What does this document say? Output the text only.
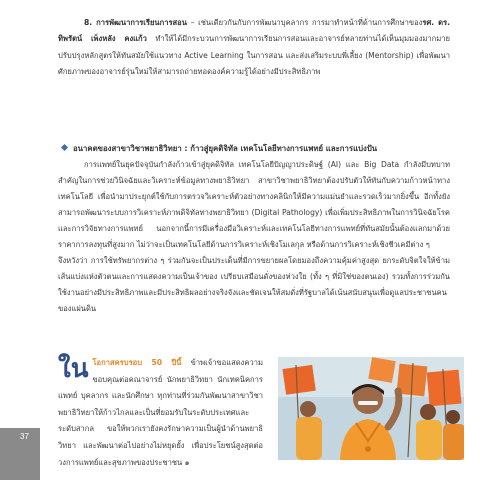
8. การพัฒนาการเรียนการสอน – เช่นเดียวกันกับการพัฒนาบุคลากร การมาทำหน้าที่ด้านการศึกษาของรศ. ดร. ทิพรัตน์ เพ็งหลัง คงแก้ว ทำให้ได้มีกระบวนการพัฒนาการเรียนการสอนและอาจารย์หลายท่านได้เห็นมุมมองมากมาย ปรับปรุงหลักสูตรให้ทันสมัยใช้แนวทาง Active Learning ในการสอน และส่งเสริมระบบพี่เลี้ยง (Mentorship) เพื่อพัฒนาศักยภาพของอาจารย์รุ่นใหม่ให้สามารถถ่ายทอดองค์ความรู้ได้อย่างมีประสิทธิภาพ
อนาคตของสาขาวิชาพยาธิวิทยา : ก้าวสู่ยุคดิจิทัล เทคโนโลยีทางการแพทย์ และการแบ่งปัน
การแพทย์ในยุคปัจจุบันกำลังก้าวเข้าสู่ยุคดิจิทัล เทคโนโลยีปัญญาประดิษฐ์ (AI) และ Big Data กำลังมีบทบาทสำคัญในการช่วยวินิจฉัยและวิเคราะห์ข้อมูลทางพยาธิวิทยา สาขาวิชาพยาธิวิทยาต้องปรับตัวให้ทันกับความก้าวหน้าทางเทคโนโลยี เพื่อนำมาประยุกต์ใช้กับการตรวจวิเคราะห์ตัวอย่างทางคลินิกให้มีความแม่นยำและรวดเร็วมากยิ่งขึ้น อีกทั้งยังสามารถพัฒนาระบบการวิเคราะห์ภาพดิจิทัลทางพยาธิวิทยา (Digital Pathology) เพื่อเพิ่มประสิทธิภาพในการวินิจฉัยโรคและการวิจัยทางการแพทย์ นอกจากนี้การมีเครื่องมือวิเคราะห์และเทคโนโลยีทางการแพทย์ที่ทันสมัยนั้นต้องแลกมาด้วยราคาการลงทุนที่สูงมาก ไม่ว่าจะเป็นเทคโนโลยีด้านการวิเคราะห์เชิงโมเลกุล หรือด้านการวิเคราะห์เชิงชีวเคมีต่าง ๆ
จึงหวังว่า การใช้ทรัพยากรต่าง ๆ ร่วมกันจะเป็นประเด็นที่มีการขยายผลโดยมองถึงความคุ้มค่าสูงสุด ยกระดับจิตใจให้ข้ามเส้นแบ่งแห่งตัวตนและการแสดงความเป็นเจ้าของ เปรียบเสมือนดั่งของห่วงใย (ทั้ง ๆ ที่มิใช่ของตนเอง) รวมทั้งการร่วมกันใช้งานอย่างมีประสิทธิภาพและมีประสิทธิผลอย่างจริงจังและชัดเจนให้สมดั่งที่รัฐบาลได้เน้นสนับสนุนเพื่อดูแลประชาชนคนของแผ่นดิน
ใน โอกาสครบรอบ 50 ปีนี้ ข้าพเจ้าขอแสดงความขอบคุณต่อคณาจารย์ นักพยาธิวิทยา นักเทคนิคการแพทย์ บุคลากร และนักศึกษา ทุกท่านที่ร่วมกันพัฒนาสาขาวิชาพยาธิวิทยาให้ก้าวไกลและเป็นที่ยอมรับในระดับประเทศและระดับสากล ขอให้พวกเรายังคงรักษาความเป็นผู้นำด้านพยาธิวิทยา และพัฒนาต่อไปอย่างไม่หยุดยั้ง เพื่อประโยชน์สูงสุดต่อวงการแพทย์และสุขภาพของประชาชน ๑
37
